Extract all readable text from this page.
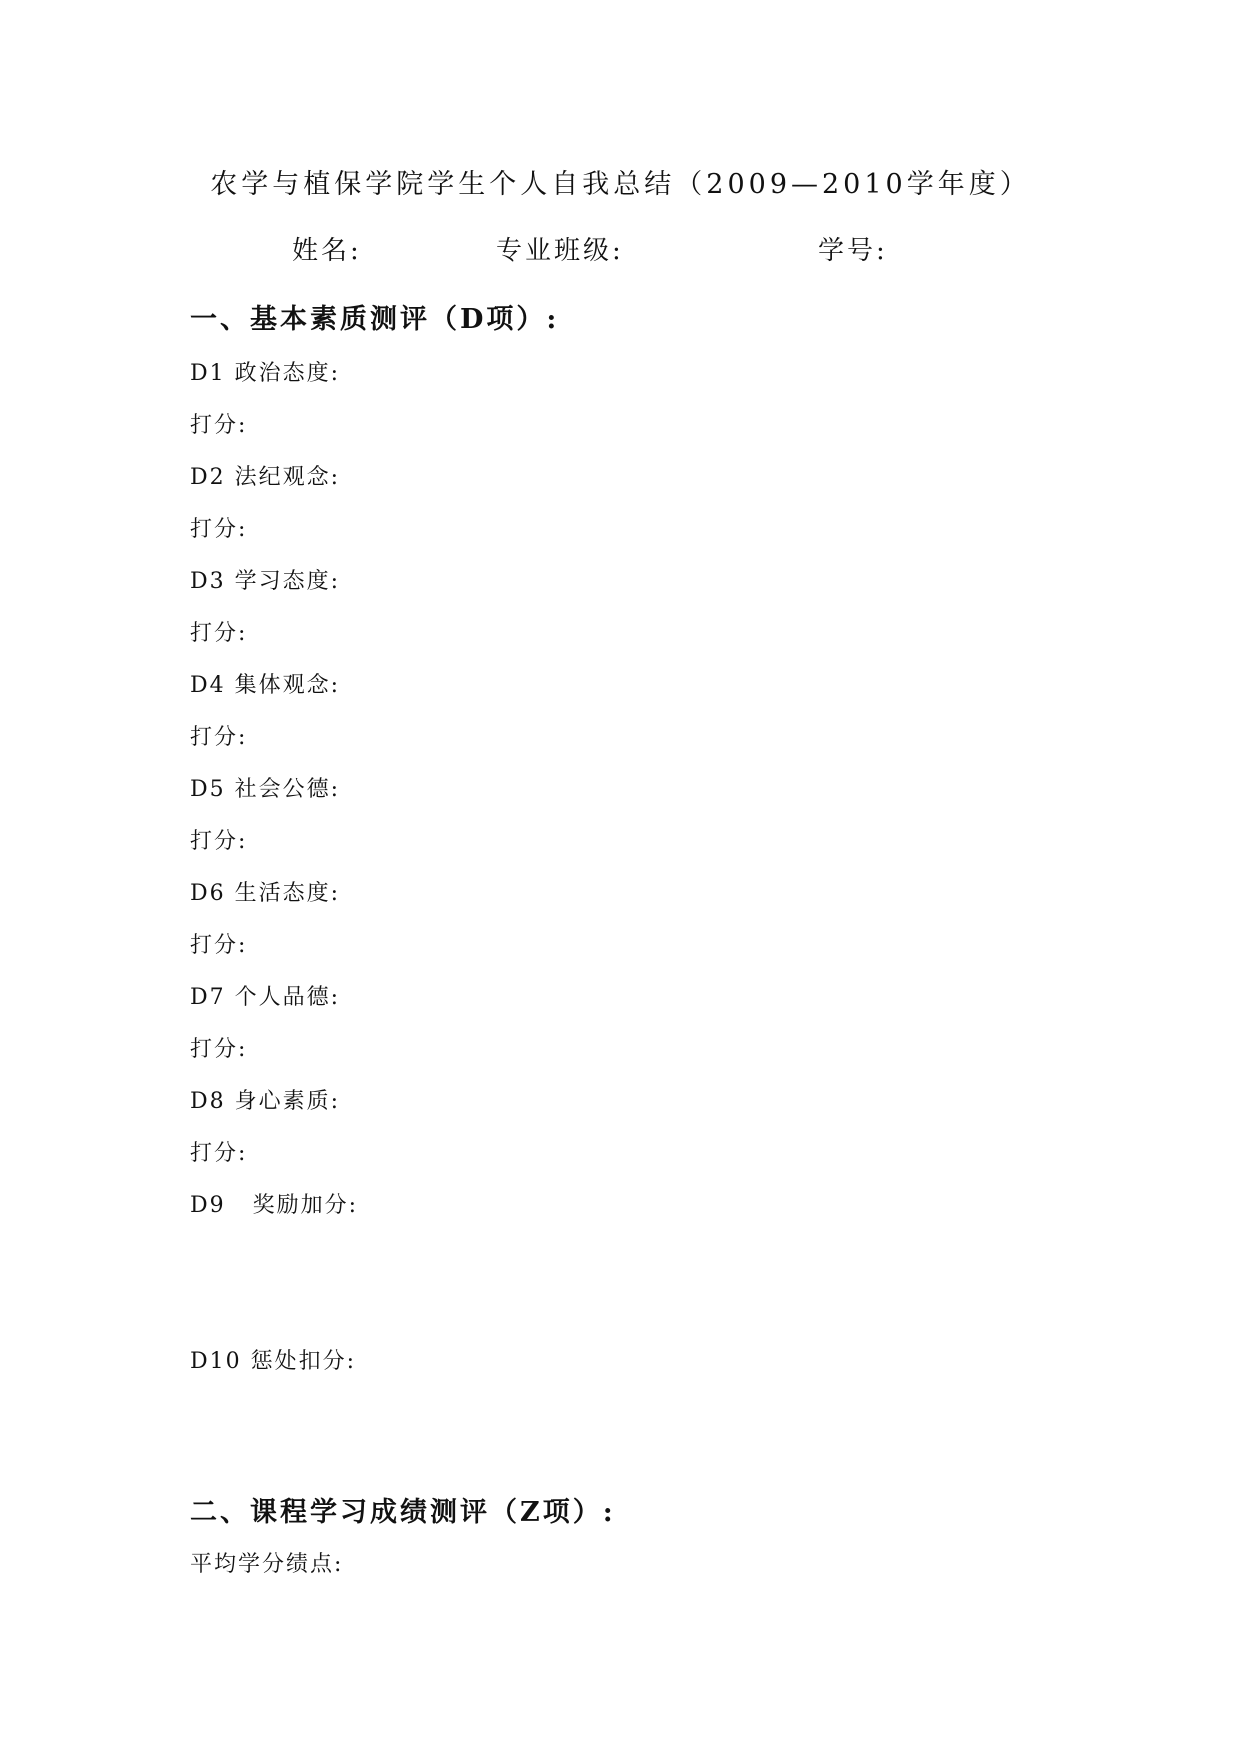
农学与植保学院学生个人自我总结（2009—2010学年度）
姓名:	专业班级:	学号:
一、基本素质测评（D项）:
D1 政治态度:
打分:
D2 法纪观念:
打分:
D3 学习态度:
打分:
D4 集体观念:
打分:
D5 社会公德:
打分:
D6 生活态度:
打分:
D7 个人品德:
打分:
D8 身心素质:
打分:
D9   奖励加分:
D10 惩处扣分:
二、课程学习成绩测评（Z项）:
平均学分绩点:
